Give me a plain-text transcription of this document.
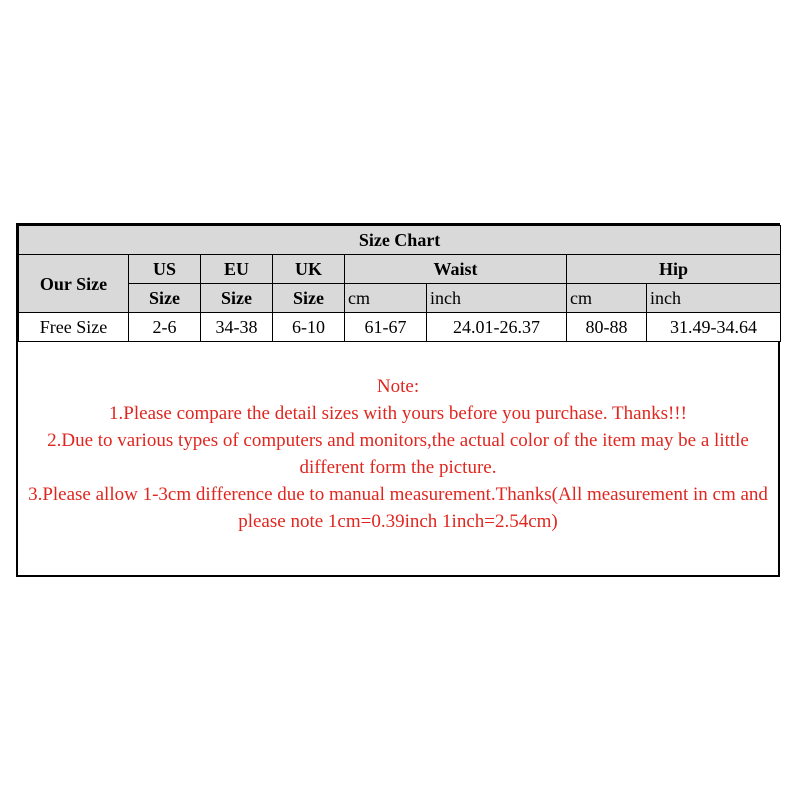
Size Chart							
Our Size	US	EU	UK	Waist		Hip	
	Size	Size	Size	cm	inch	cm	inch
Free Size	2-6	34-38	6-10	61-67	24.01-26.37	80-88	31.49-34.64
Note:
1.Please compare the detail sizes with yours before you purchase. Thanks!!!
2.Due to various types of computers and monitors,the actual color of the item may be a little different form the picture.
3.Please allow 1-3cm difference due to manual measurement.Thanks(All measurement in cm and please note 1cm=0.39inch 1inch=2.54cm)
